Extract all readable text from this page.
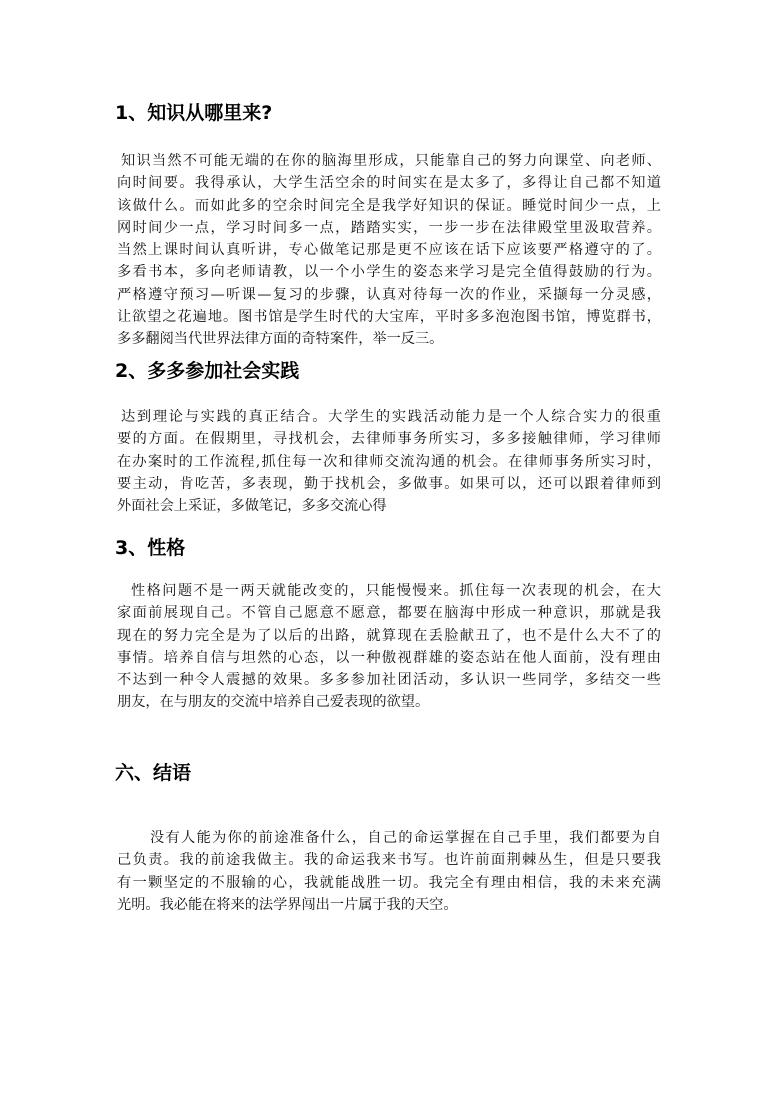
1、知识从哪里来?
知识当然不可能无端的在你的脑海里形成，只能靠自己的努力向课堂、向老师、
向时间要。我得承认，大学生活空余的时间实在是太多了，多得让自己都不知道
该做什么。而如此多的空余时间完全是我学好知识的保证。睡觉时间少一点，上
网时间少一点，学习时间多一点，踏踏实实，一步一步在法律殿堂里汲取营养。
当然上课时间认真听讲，专心做笔记那是更不应该在话下应该要严格遵守的了。
多看书本，多向老师请教，以一个小学生的姿态来学习是完全值得鼓励的行为。
严格遵守预习—听课—复习的步骤，认真对待每一次的作业，采撷每一分灵感，
让欲望之花遍地。图书馆是学生时代的大宝库，平时多多泡泡图书馆，博览群书，
多多翻阅当代世界法律方面的奇特案件，举一反三。
2、多多参加社会实践
达到理论与实践的真正结合。大学生的实践活动能力是一个人综合实力的很重
要的方面。在假期里，寻找机会，去律师事务所实习，多多接触律师，学习律师
在办案时的工作流程,抓住每一次和律师交流沟通的机会。在律师事务所实习时，
要主动，肯吃苦，多表现，勤于找机会，多做事。如果可以，还可以跟着律师到
外面社会上采证，多做笔记，多多交流心得
3、性格
性格问题不是一两天就能改变的，只能慢慢来。抓住每一次表现的机会，在大
家面前展现自己。不管自己愿意不愿意，都要在脑海中形成一种意识，那就是我
现在的努力完全是为了以后的出路，就算现在丢脸献丑了，也不是什么大不了的
事情。培养自信与坦然的心态，以一种傲视群雄的姿态站在他人面前，没有理由
不达到一种令人震撼的效果。多多参加社团活动，多认识一些同学，多结交一些
朋友，在与朋友的交流中培养自己爱表现的欲望。
六、结语
没有人能为你的前途准备什么，自己的命运掌握在自己手里，我们都要为自
己负责。我的前途我做主。我的命运我来书写。也许前面荆棘丛生，但是只要我
有一颗坚定的不服输的心，我就能战胜一切。我完全有理由相信，我的未来充满
光明。我必能在将来的法学界闯出一片属于我的天空。
